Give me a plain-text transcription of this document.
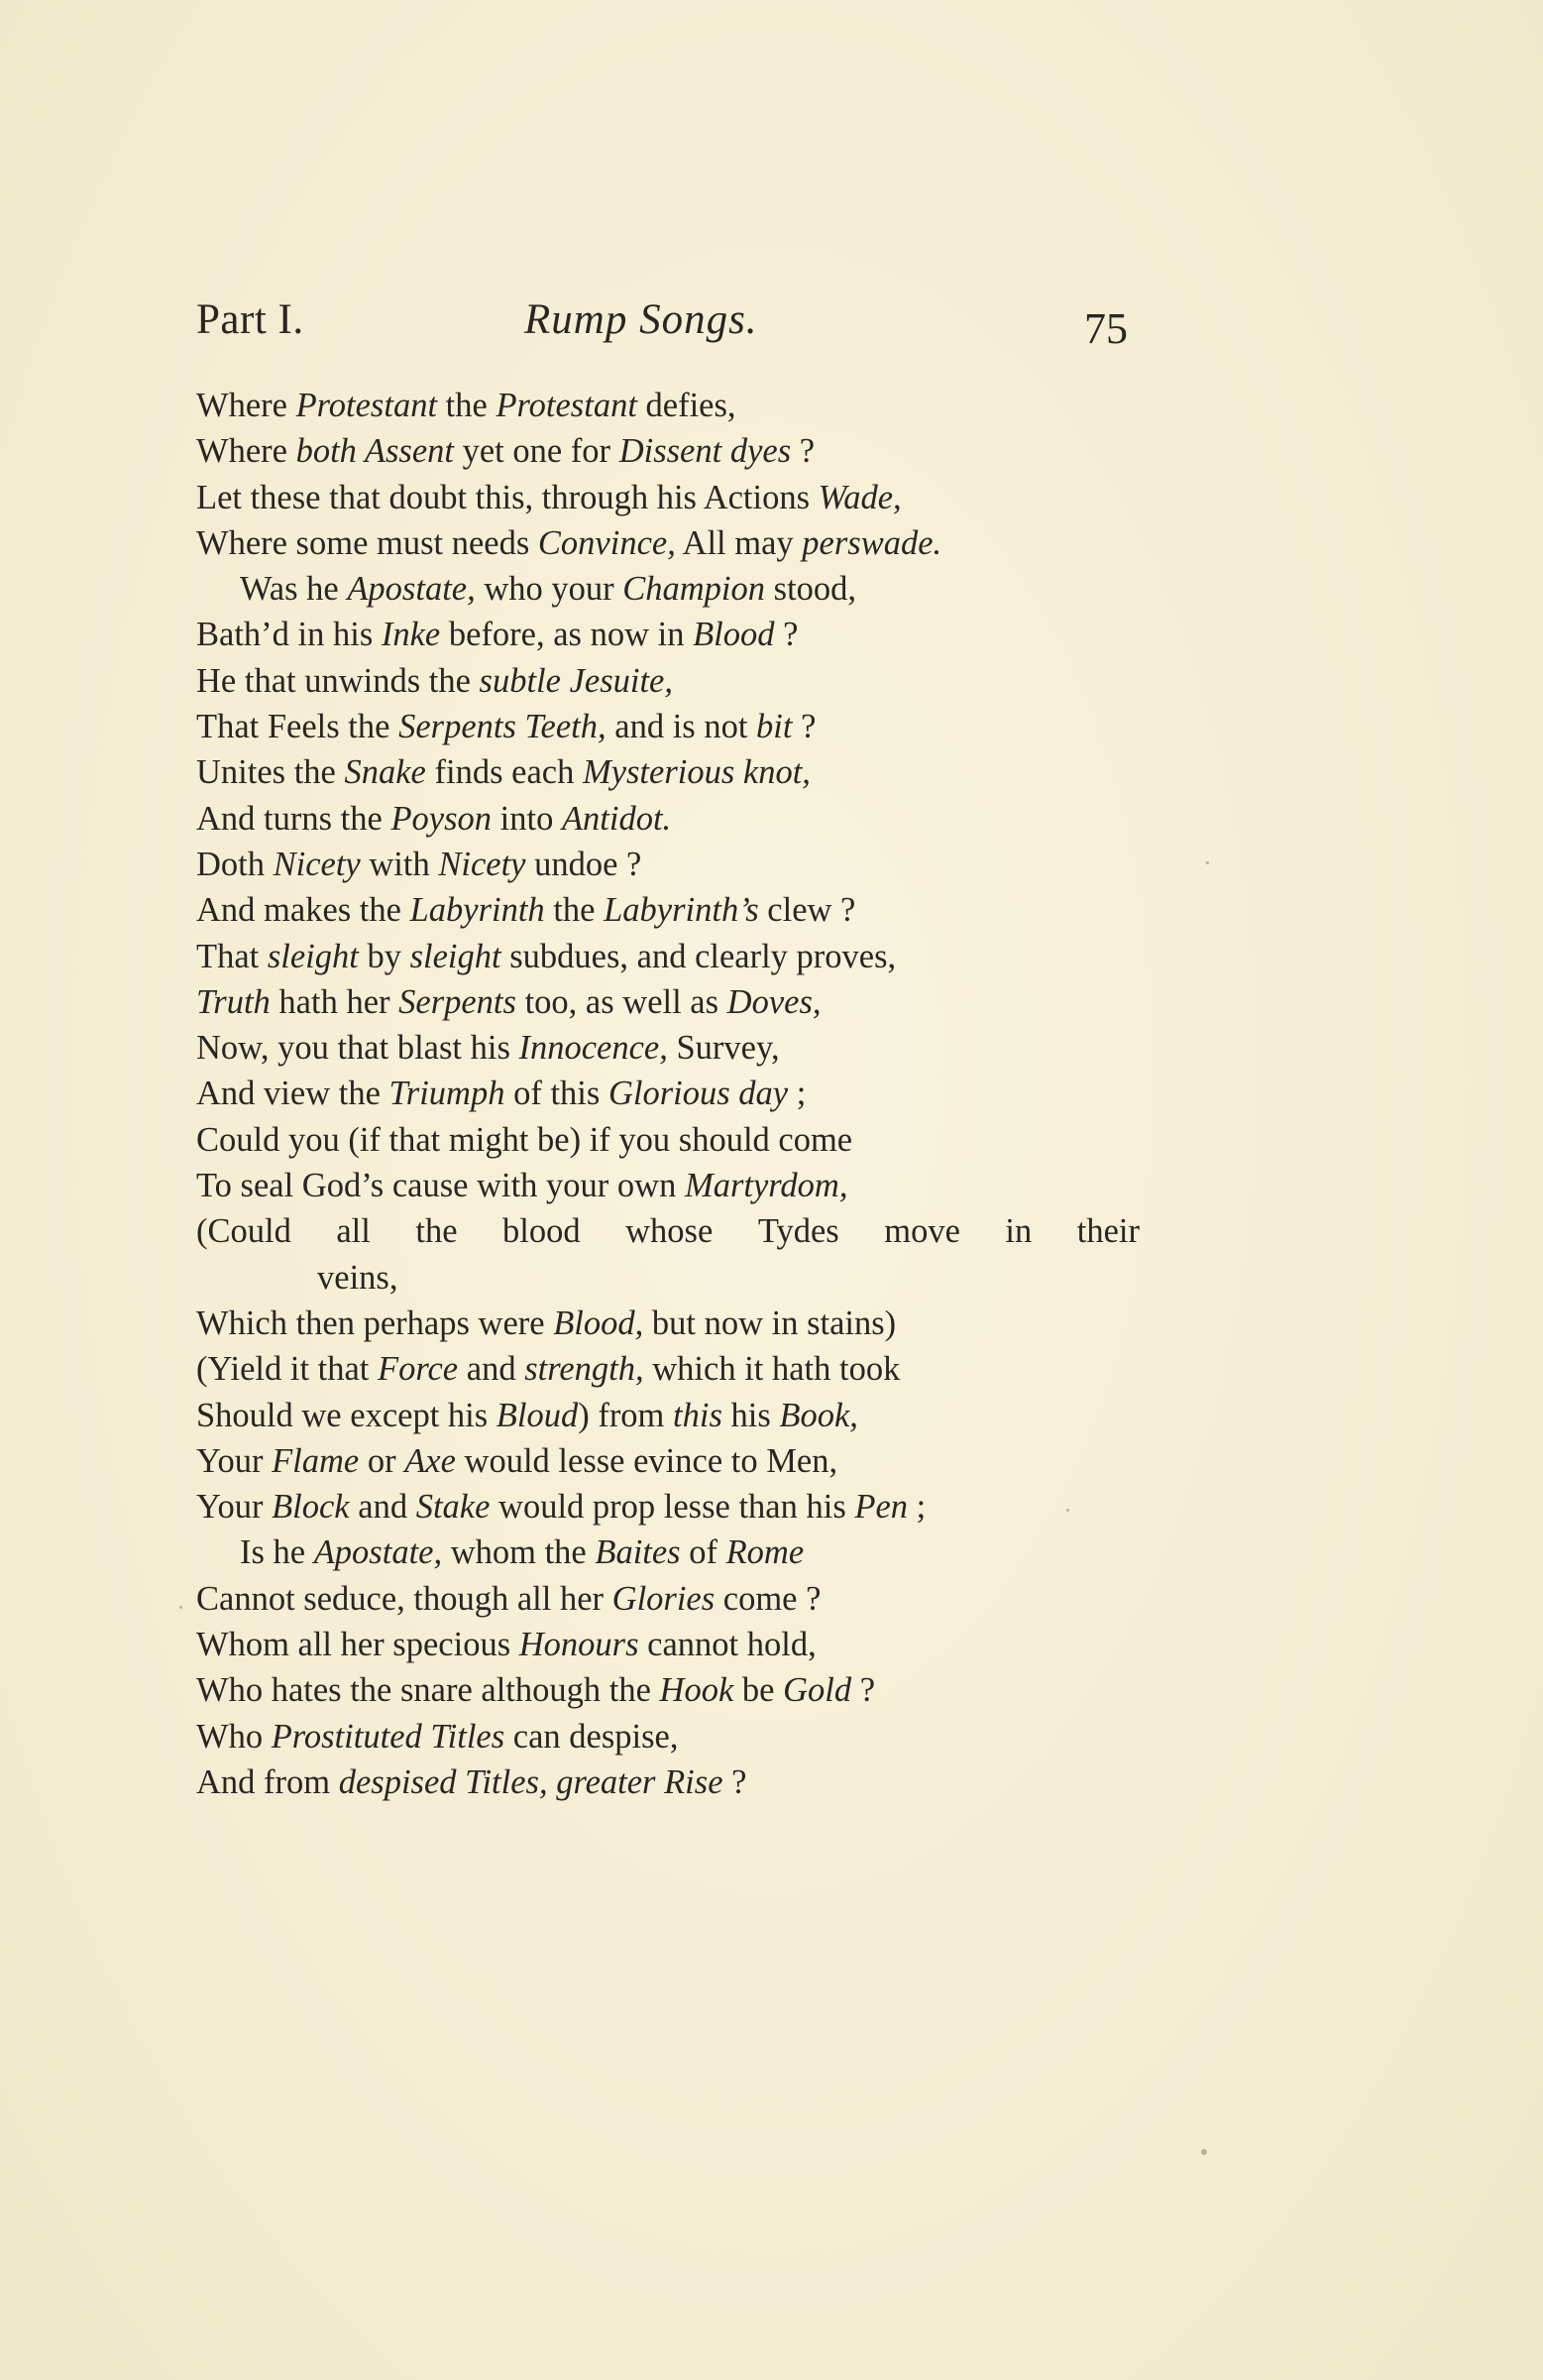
Part I.	Rump Songs.	75
Where Protestant the Protestant defies,
Where both Assent yet one for Dissent dyes ?
Let these that doubt this, through his Actions Wade,
Where some must needs Convince, All may perswade.
Was he Apostate, who your Champion stood,
Bath’d in his Inke before, as now in Blood ?
He that unwinds the subtle Jesuite,
That Feels the Serpents Teeth, and is not bit ?
Unites the Snake finds each Mysterious knot,
And turns the Poyson into Antidot.
Doth Nicety with Nicety undoe ?
And makes the Labyrinth the Labyrinth’s clew ?
That sleight by sleight subdues, and clearly proves,
Truth hath her Serpents too, as well as Doves,
Now, you that blast his Innocence, Survey,
And view the Triumph of this Glorious day ;
Could you (if that might be) if you should come
To seal God’s cause with your own Martyrdom,
(Could all the blood whose Tydes move in their
veins,
Which then perhaps were Blood, but now in stains)
(Yield it that Force and strength, which it hath took
Should we except his Bloud) from this his Book,
Your Flame or Axe would lesse evince to Men,
Your Block and Stake would prop lesse than his Pen ;
Is he Apostate, whom the Baites of Rome
Cannot seduce, though all her Glories come ?
Whom all her specious Honours cannot hold,
Who hates the snare although the Hook be Gold ?
Who Prostituted Titles can despise,
And from despised Titles, greater Rise ?
